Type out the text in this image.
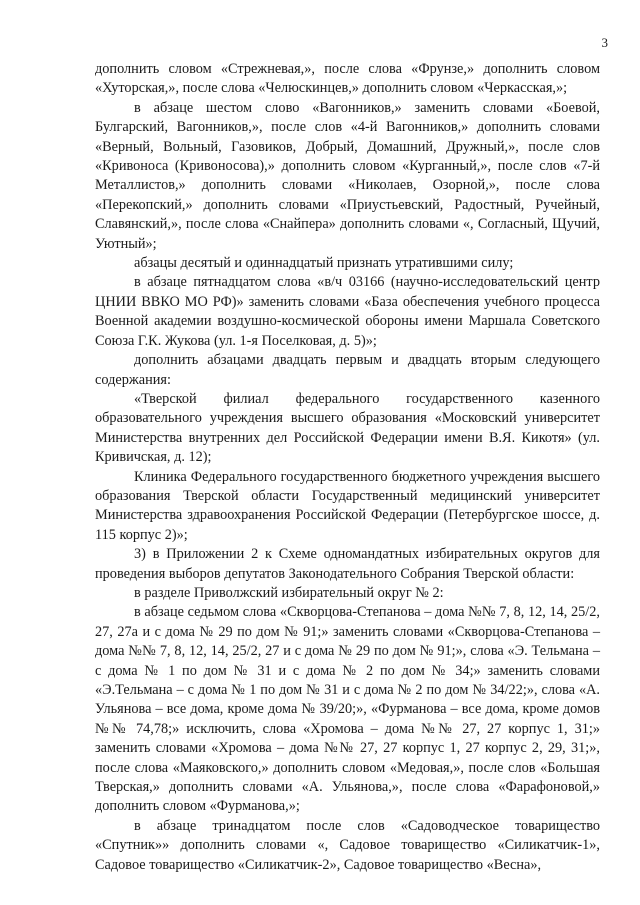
3

дополнить словом «Стрежневая,», после слова «Фрунзе,» дополнить словом «Хуторская,», после слова «Челюскинцев,» дополнить словом «Черкасская,»;

в абзаце шестом слово «Вагонников,» заменить словами «Боевой, Булгарский, Вагонников,», после слов «4-й Вагонников,» дополнить словами «Верный, Вольный, Газовиков, Добрый, Домашний, Дружный,», после слов «Кривоноса (Кривоносова),» дополнить словом «Курганный,», после слов «7-й Металлистов,» дополнить словами «Николаев, Озорной,», после слова «Перекопский,» дополнить словами «Приустьевский, Радостный, Ручейный, Славянский,», после слова «Снайпера» дополнить словами «, Согласный, Щучий, Уютный»;

абзацы десятый и одиннадцатый признать утратившими силу;

в абзаце пятнадцатом слова «в/ч 03166 (научно-исследовательский центр ЦНИИ ВВКО МО РФ)» заменить словами «База обеспечения учебного процесса Военной академии воздушно-космической обороны имени Маршала Советского Союза Г.К. Жукова (ул. 1-я Поселковая, д. 5)»;

дополнить абзацами двадцать первым и двадцать вторым следующего содержания:

«Тверской филиал федерального государственного казенного образовательного учреждения высшего образования «Московский университет Министерства внутренних дел Российской Федерации имени В.Я. Кикотя» (ул. Кривичская, д. 12);

Клиника Федерального государственного бюджетного учреждения высшего образования Тверской области Государственный медицинский университет Министерства здравоохранения Российской Федерации (Петербургское шоссе, д. 115 корпус 2)»;

3) в Приложении 2 к Схеме одномандатных избирательных округов для проведения выборов депутатов Законодательного Собрания Тверской области:

в разделе Приволжский избирательный округ № 2:

в абзаце седьмом слова «Скворцова-Степанова – дома №№ 7, 8, 12, 14, 25/2, 27, 27а и с дома № 29 по дом № 91;» заменить словами «Скворцова-Степанова – дома №№ 7, 8, 12, 14, 25/2, 27 и с дома № 29 по дом № 91;», слова «Э. Тельмана – с дома № 1 по дом № 31 и с дома № 2 по дом № 34;» заменить словами «Э.Тельмана – с дома № 1 по дом № 31 и с дома № 2 по дом № 34/22;», слова «А. Ульянова – все дома, кроме дома № 39/20;», «Фурманова – все дома, кроме домов №№ 74,78;» исключить, слова «Хромова – дома №№ 27, 27 корпус 1, 31;» заменить словами «Хромова – дома №№ 27, 27 корпус 1, 27 корпус 2, 29, 31;», после слова «Маяковского,» дополнить словом «Медовая,», после слов «Большая Тверская,» дополнить словами «А. Ульянова,», после слова «Фарафоновой,» дополнить словом «Фурманова,»;

в абзаце тринадцатом после слов «Садоводческое товарищество «Спутник»» дополнить словами «, Садовое товарищество «Силикатчик-1», Садовое товарищество «Силикатчик-2», Садовое товарищество «Весна»,
